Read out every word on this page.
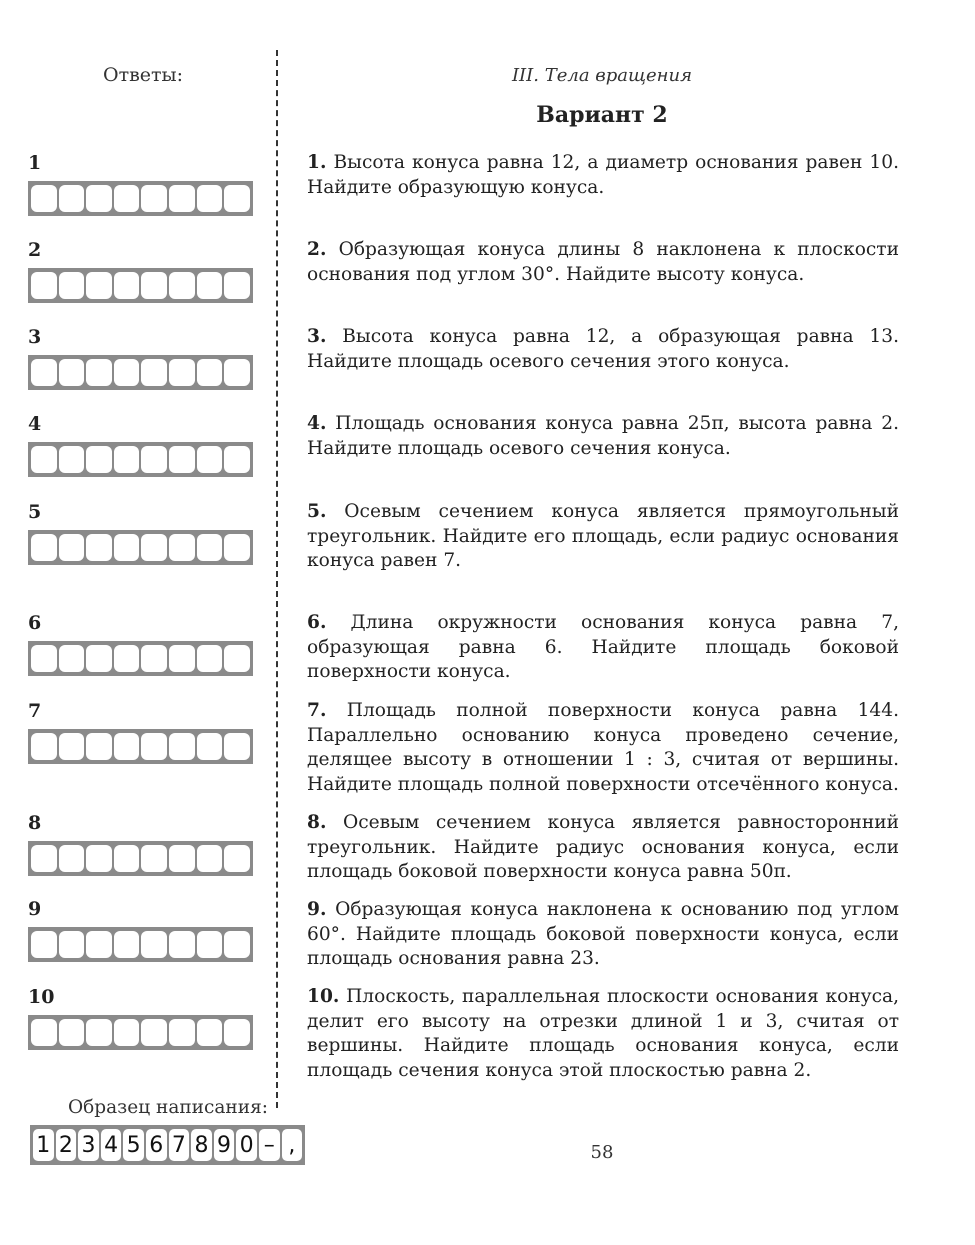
Ответы:	III. Тела вращения
Вариант 2
1
2
3
4
5
6
7
8
9
10
1. Высота конуса равна 12, а диаметр основания равен 10. Найдите образующую конуса.
2. Образующая конуса длины 8 наклонена к плоскости основания под углом 30°. Найдите высоту конуса.
3. Высота конуса равна 12, а образующая равна 13. Найдите площадь осевого сечения этого конуса.
4. Площадь основания конуса равна 25π, высота равна 2. Найдите площадь осевого сечения конуса.
5. Осевым сечением конуса является прямоугольный треугольник. Найдите его площадь, если радиус основания конуса равен 7.
6. Длина окружности основания конуса равна 7, образующая равна 6. Найдите площадь боковой поверхности конуса.
7. Площадь полной поверхности конуса равна 144. Параллельно основанию конуса проведено сечение, делящее высоту в отношении 1 : 3, считая от вершины. Найдите площадь полной поверхности отсечённого конуса.
8. Осевым сечением конуса является равносторонний треугольник. Найдите радиус основания конуса, если площадь боковой поверхности конуса равна 50π.
9. Образующая конуса наклонена к основанию под углом 60°. Найдите площадь боковой поверхности конуса, если площадь основания равна 23.
10. Плоскость, параллельная плоскости основания конуса, делит его высоту на отрезки длиной 1 и 3, считая от вершины. Найдите площадь основания конуса, если площадь сечения конуса этой плоскостью равна 2.
Образец написания:
1 2 3 4 5 6 7 8 9 0 – ,	58
